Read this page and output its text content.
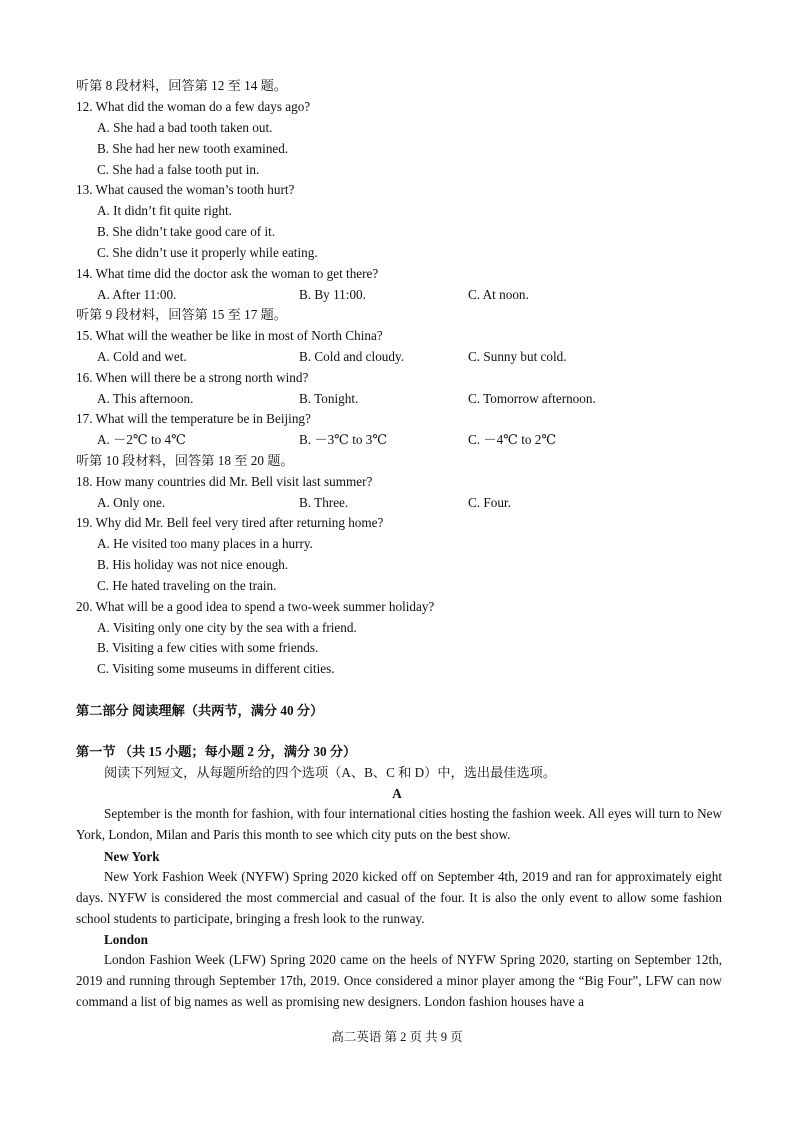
听第 8 段材料，回答第 12 至 14 题。
12. What did the woman do a few days ago?
A. She had a bad tooth taken out.
B. She had her new tooth examined.
C. She had a false tooth put in.
13. What caused the woman’s tooth hurt?
A. It didn’t fit quite right.
B. She didn’t take good care of it.
C. She didn’t use it properly while eating.
14. What time did the doctor ask the woman to get there?
A. After 11:00.	B. By 11:00.	C. At noon.
听第 9 段材料，回答第 15 至 17 题。
15. What will the weather be like in most of North China?
A. Cold and wet.	B. Cold and cloudy.	C. Sunny but cold.
16. When will there be a strong north wind?
A. This afternoon.	B. Tonight.	C. Tomorrow afternoon.
17. What will the temperature be in Beijing?
A. －2℃ to 4℃	B. －3℃ to 3℃	C. －4℃ to 2℃
听第 10 段材料，回答第 18 至 20 题。
18. How many countries did Mr. Bell visit last summer?
A. Only one.	B. Three.	C. Four.
19. Why did Mr. Bell feel very tired after returning home?
A. He visited too many places in a hurry.
B. His holiday was not nice enough.
C. He hated traveling on the train.
20. What will be a good idea to spend a two-week summer holiday?
A. Visiting only one city by the sea with a friend.
B. Visiting a few cities with some friends.
C. Visiting some museums in different cities.
第二部分 阅读理解（共两节，满分 40 分）
第一节 （共 15 小题；每小题 2 分，满分 30 分）
阅读下列短文，从每题所给的四个选项（A、B、C 和 D）中，选出最佳选项。
A

September is the month for fashion, with four international cities hosting the fashion week. All eyes will turn to New York, London, Milan and Paris this month to see which city puts on the best show.

New York

New York Fashion Week (NYFW) Spring 2020 kicked off on September 4th, 2019 and ran for approximately eight days. NYFW is considered the most commercial and casual of the four. It is also the only event to allow some fashion school students to participate, bringing a fresh look to the runway.

London

London Fashion Week (LFW) Spring 2020 came on the heels of NYFW Spring 2020, starting on September 12th, 2019 and running through September 17th, 2019. Once considered a minor player among the “Big Four”, LFW can now command a list of big names as well as promising new designers. London fashion houses have a

高二英语 第 2 页 共 9 页
